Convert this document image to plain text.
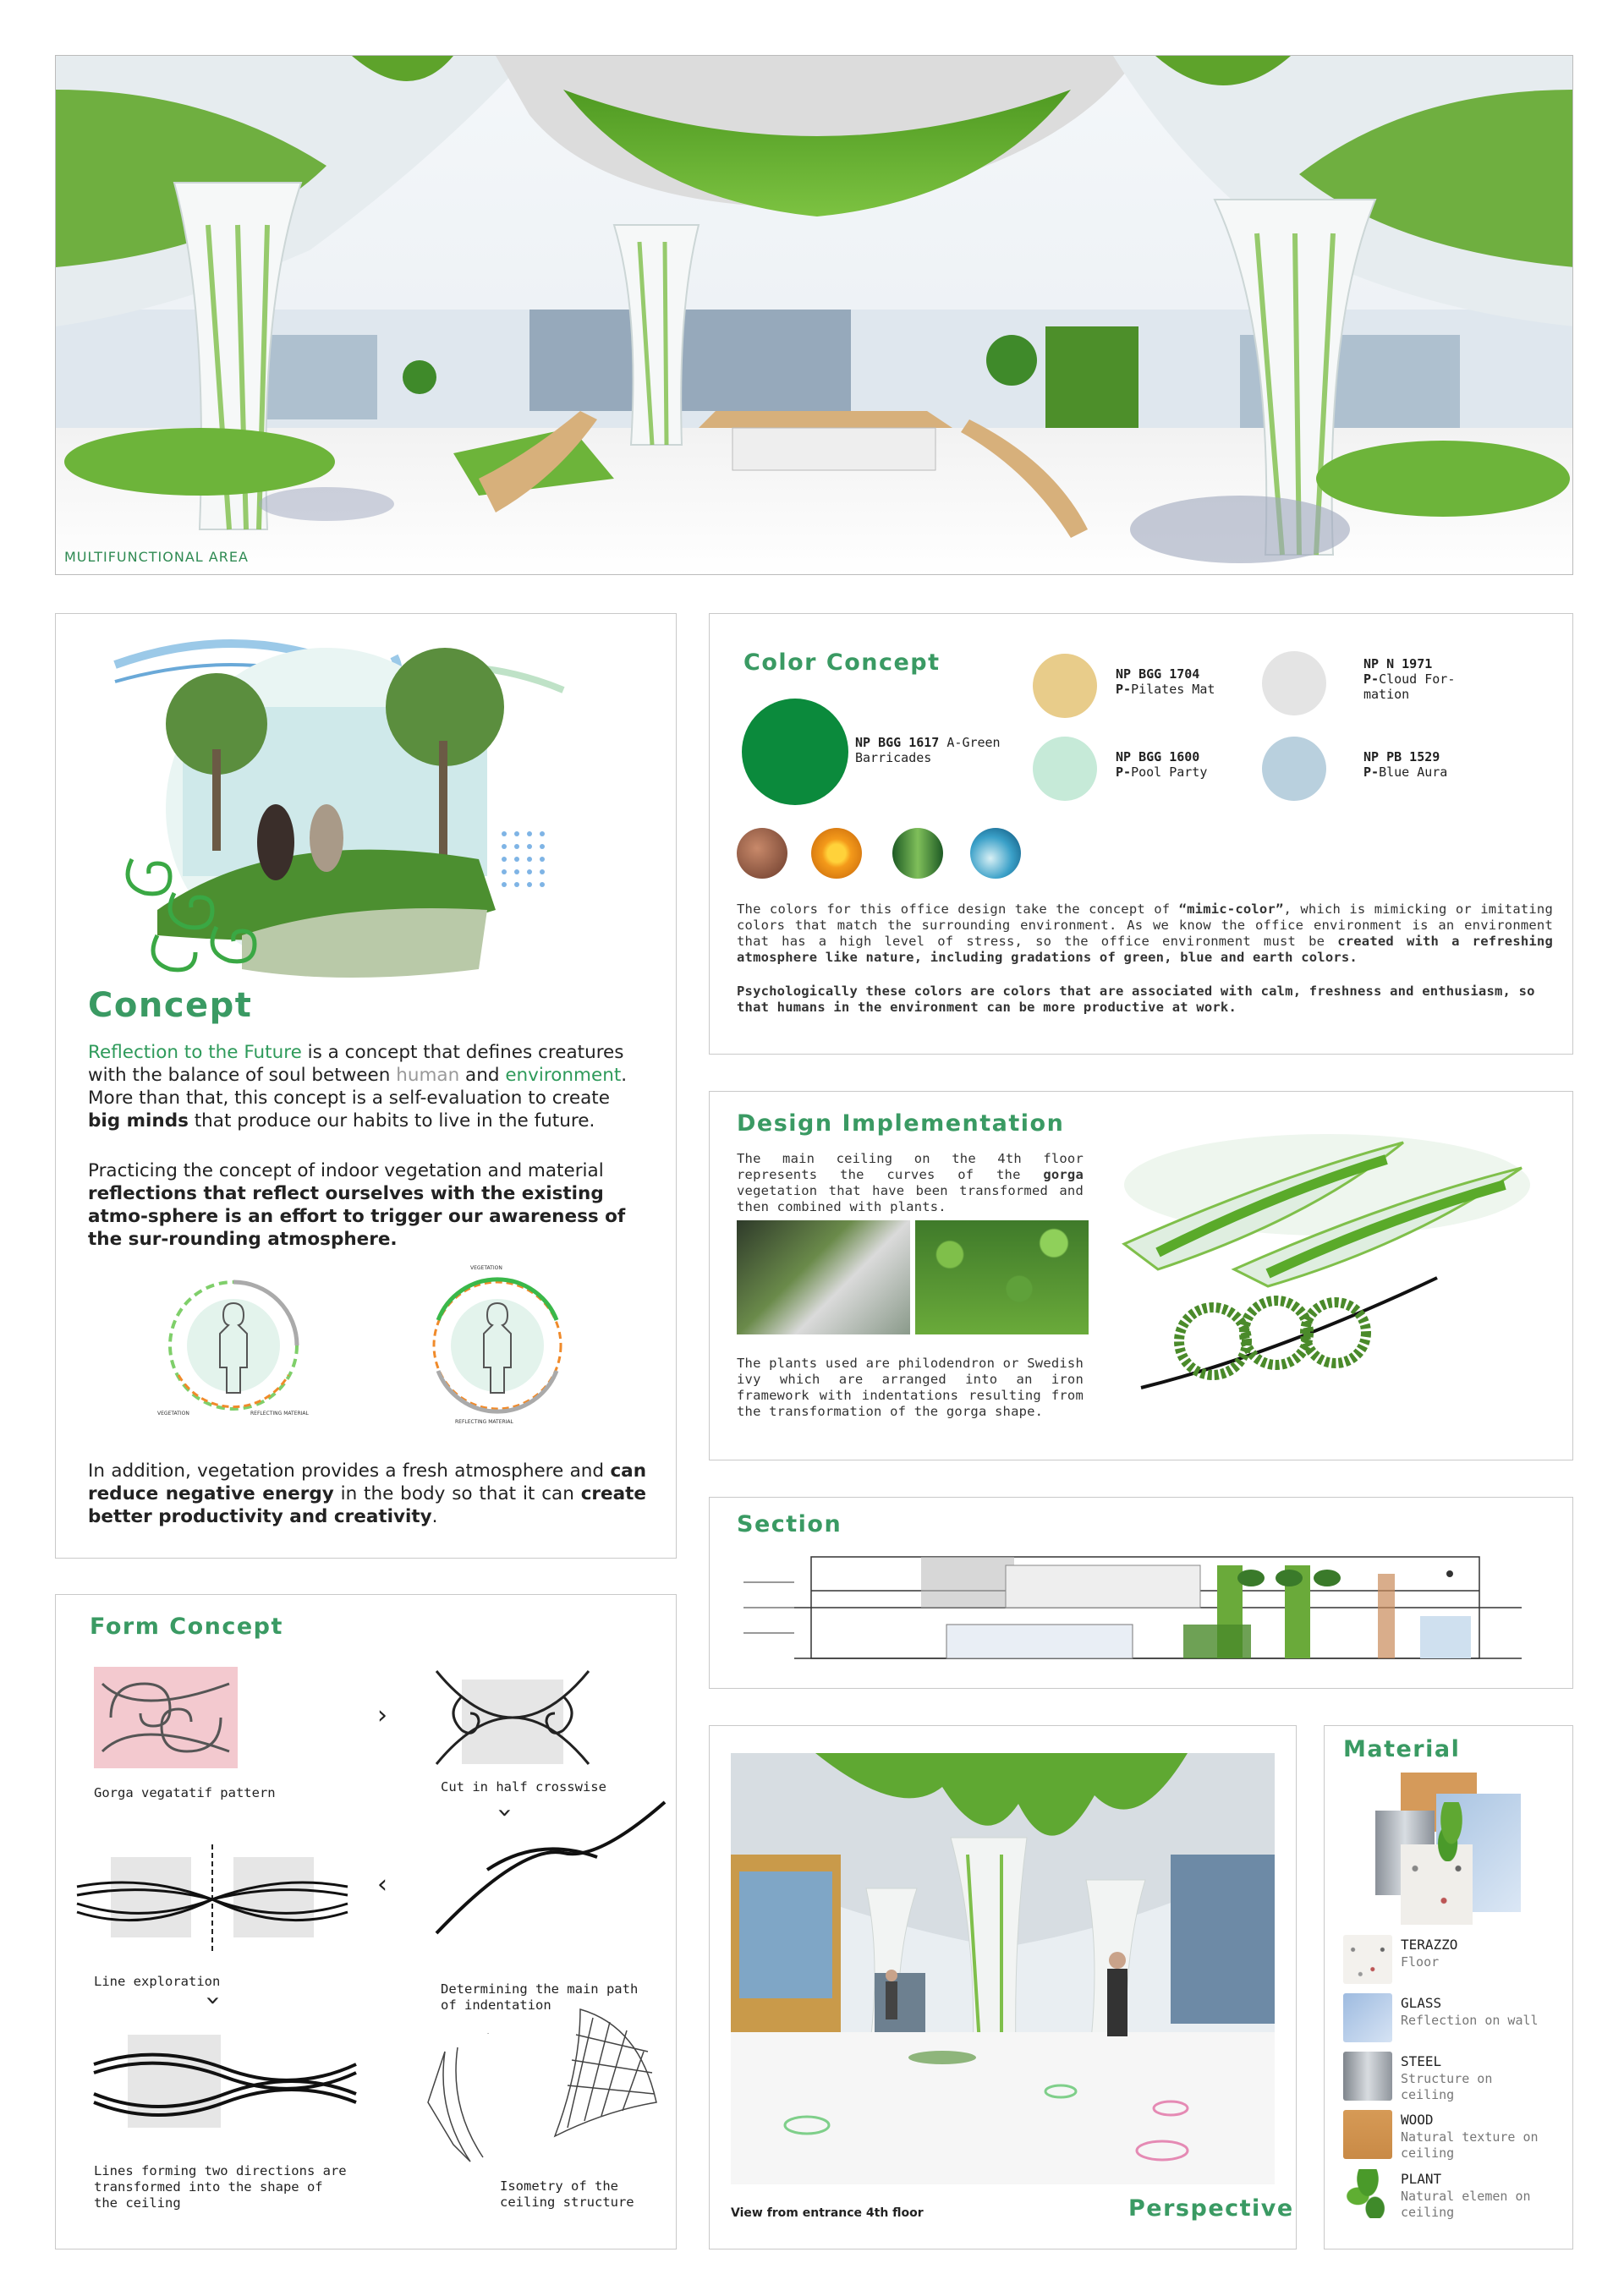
MULTIFUNCTIONAL AREA
Concept
Reflection to the Future is a concept that defines creatures with the balance of soul between human and environment. More than that, this concept is a self-evaluation to create big minds that produce our habits to live in the future.
Practicing the concept of indoor vegetation and material reflections that reflect ourselves with the existing atmo-sphere is an effort to trigger our awareness of the sur-rounding atmosphere.
VEGETATION	REFLECTING MATERIAL
VEGETATION
REFLECTING MATERIAL
In addition, vegetation provides a fresh atmosphere and can reduce negative energy in the body so that it can create better productivity and creativity.
Color Concept
NP BGG 1617 A-Green Barricades
NP BGG 1704
P-Pilates Mat
NP N 1971
P-Cloud For-mation
NP BGG 1600
P-Pool Party
NP PB 1529
P-Blue Aura
The colors for this office design take the concept of “mimic-color”, which is mimicking or imitating colors that match the surrounding environment. As we know the office environment is an environment that has a high level of stress, so the office environment must be created with a refreshing atmosphere like nature, including gradations of green, blue and earth colors.
Psychologically these colors are colors that are associated with calm, freshness and enthusiasm, so that humans in the environment can be more productive at work.
Design Implementation
The main ceiling on the 4th floor represents the curves of the gorga vegetation that have been transformed and then combined with plants.
The plants used are philodendron or Swedish ivy which are arranged into an iron framework with indentations resulting from the transformation of the gorga shape.
Section
Form Concept
Gorga vegatatif pattern
›
Cut in half crosswise
›
Determining the main path of indentation
‹
Line exploration
›
Lines forming two directions are transformed into the shape of the ceiling
-
Isometry of the ceiling structure
View from entrance 4th floor	Perspective
Material
TERAZZO
Floor
GLASS
Reflection on wall
STEEL
Structure on ceiling
WOOD
Natural texture on ceiling
PLANT
Natural elemen on ceiling
